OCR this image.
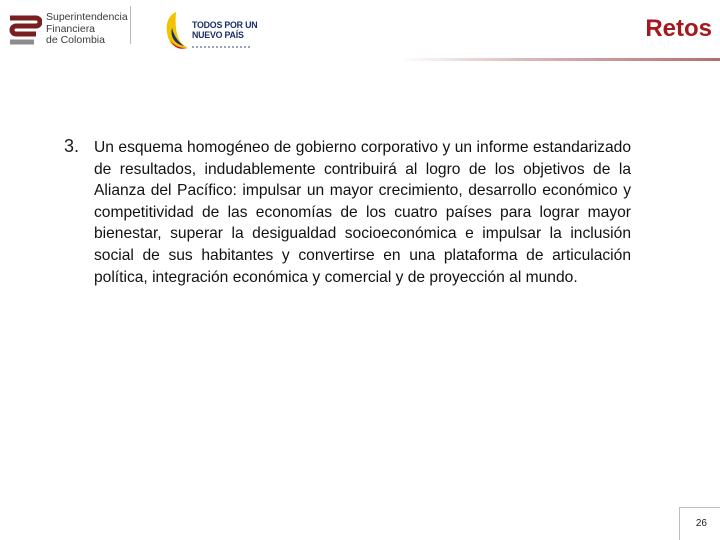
Superintendencia
Financiera
de Colombia
TODOS POR UN
NUEVO PAÍS	Retos
3. Un esquema homogéneo de gobierno corporativo y un informe estandarizado de resultados, indudablemente contribuirá al logro de los objetivos de la Alianza del Pacífico: impulsar un mayor crecimiento, desarrollo económico y competitividad de las economías de los cuatro países para lograr mayor bienestar, superar la desigualdad socioeconómica e impulsar la inclusión social de sus habitantes y convertirse en una plataforma de articulación política, integración económica y comercial y de proyección al mundo.
26
